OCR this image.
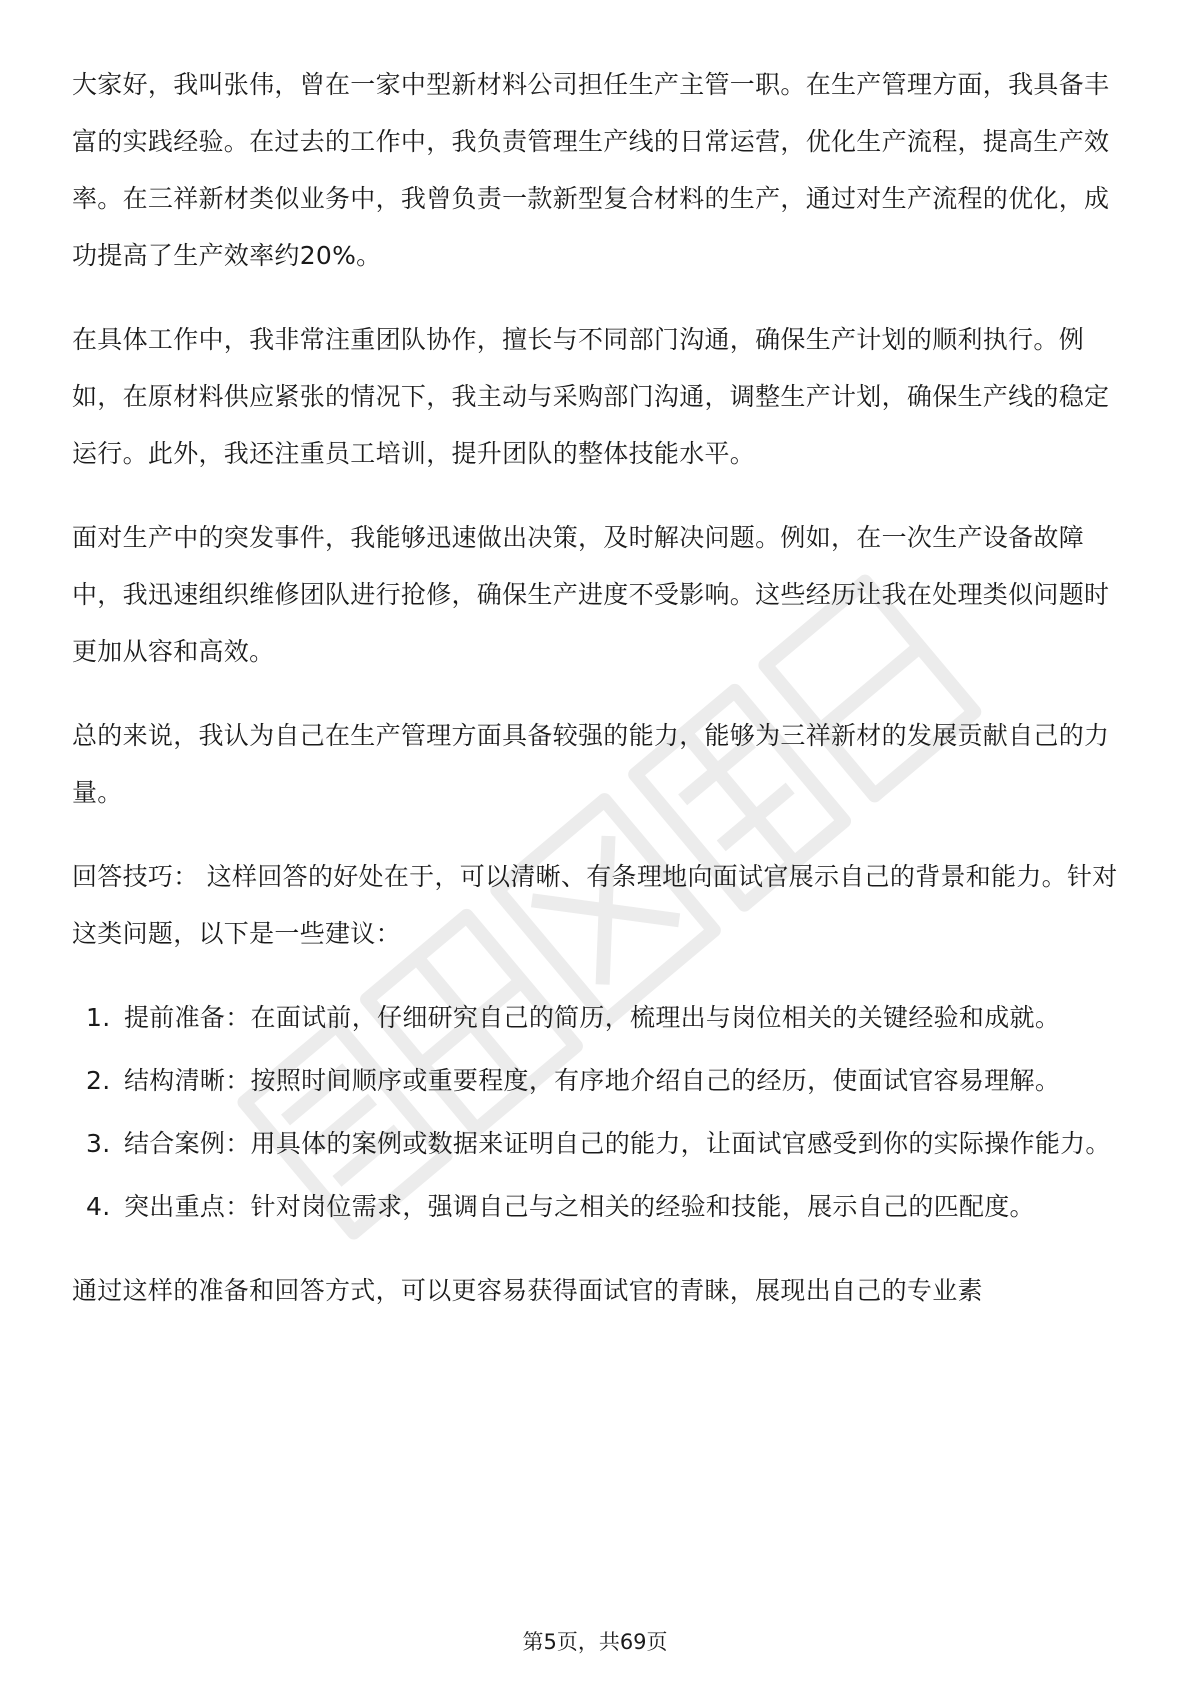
大家好，我叫张伟，曾在一家中型新材料公司担任生产主管一职。在生产管理方面，我具备丰富的实践经验。在过去的工作中，我负责管理生产线的日常运营，优化生产流程，提高生产效率。在三祥新材类似业务中，我曾负责一款新型复合材料的生产，通过对生产流程的优化，成功提高了生产效率约20%。

在具体工作中，我非常注重团队协作，擅长与不同部门沟通，确保生产计划的顺利执行。例如，在原材料供应紧张的情况下，我主动与采购部门沟通，调整生产计划，确保生产线的稳定运行。此外，我还注重员工培训，提升团队的整体技能水平。

面对生产中的突发事件，我能够迅速做出决策，及时解决问题。例如，在一次生产设备故障中，我迅速组织维修团队进行抢修，确保生产进度不受影响。这些经历让我在处理类似问题时更加从容和高效。

总的来说，我认为自己在生产管理方面具备较强的能力，能够为三祥新材的发展贡献自己的力量。

回答技巧： 这样回答的好处在于，可以清晰、有条理地向面试官展示自己的背景和能力。针对这类问题，以下是一些建议：

1. 提前准备：在面试前，仔细研究自己的简历，梳理出与岗位相关的关键经验和成就。
2. 结构清晰：按照时间顺序或重要程度，有序地介绍自己的经历，使面试官容易理解。
3. 结合案例：用具体的案例或数据来证明自己的能力，让面试官感受到你的实际操作能力。
4. 突出重点：针对岗位需求，强调自己与之相关的经验和技能，展示自己的匹配度。

通过这样的准备和回答方式，可以更容易获得面试官的青睐，展现出自己的专业素

第5页，共69页
